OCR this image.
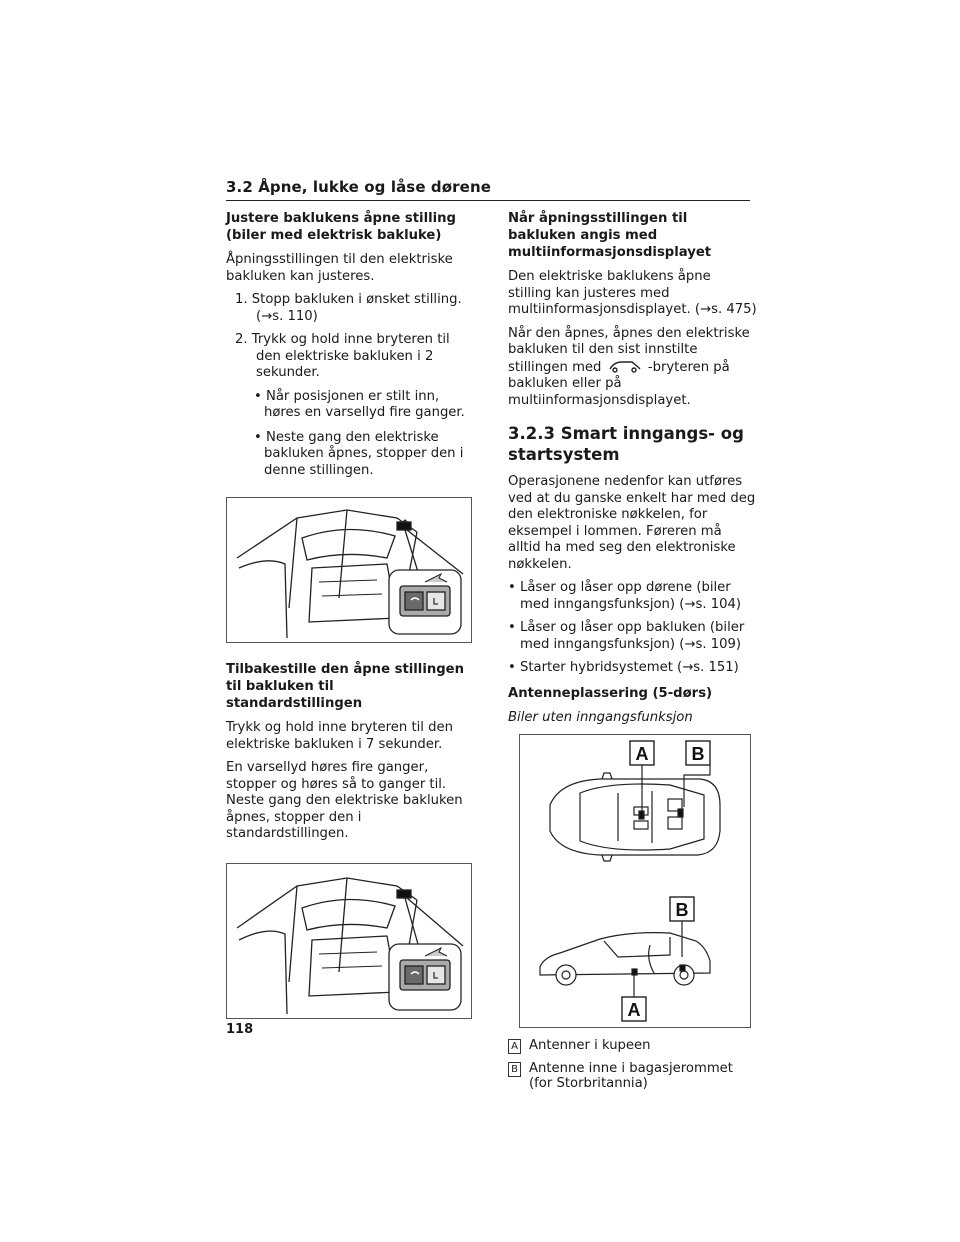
3.2 Åpne, lukke og låse dørene
Justere baklukens åpne stilling (biler med elektrisk bakluke)
Åpningsstillingen til den elektriske bakluken kan justeres.
1. Stopp bakluken i ønsket stilling. (→s. 110)
2. Trykk og hold inne bryteren til den elektriske bakluken i 2 sekunder.
• Når posisjonen er stilt inn, høres en varsellyd fire ganger.
• Neste gang den elektriske bakluken åpnes, stopper den i denne stillingen.
Tilbakestille den åpne stillingen til bakluken til standardstillingen
Trykk og hold inne bryteren til den elektriske bakluken i 7 sekunder.
En varsellyd høres fire ganger, stopper og høres så to ganger til. Neste gang den elektriske bakluken åpnes, stopper den i standardstillingen.
Når åpningsstillingen til bakluken angis med multiinformasjonsdisplayet
Den elektriske baklukens åpne stilling kan justeres med multiinformasjonsdisplayet. (→s. 475)
Når den åpnes, åpnes den elektriske bakluken til den sist innstilte stillingen med	-bryteren på bakluken eller på multiinformasjonsdisplayet.
3.2.3 Smart inngangs- og startsystem
Operasjonene nedenfor kan utføres ved at du ganske enkelt har med deg den elektroniske nøkkelen, for eksempel i lommen. Føreren må alltid ha med seg den elektroniske nøkkelen.
• Låser og låser opp dørene (biler med inngangsfunksjon) (→s. 104)
• Låser og låser opp bakluken (biler med inngangsfunksjon) (→s. 109)
• Starter hybridsystemet (→s. 151)
Antenneplassering (5-dørs)
Biler uten inngangsfunksjon
A B
B
A
A Antenner i kupeen
B Antenne inne i bagasjerommet (for Storbritannia)
118
